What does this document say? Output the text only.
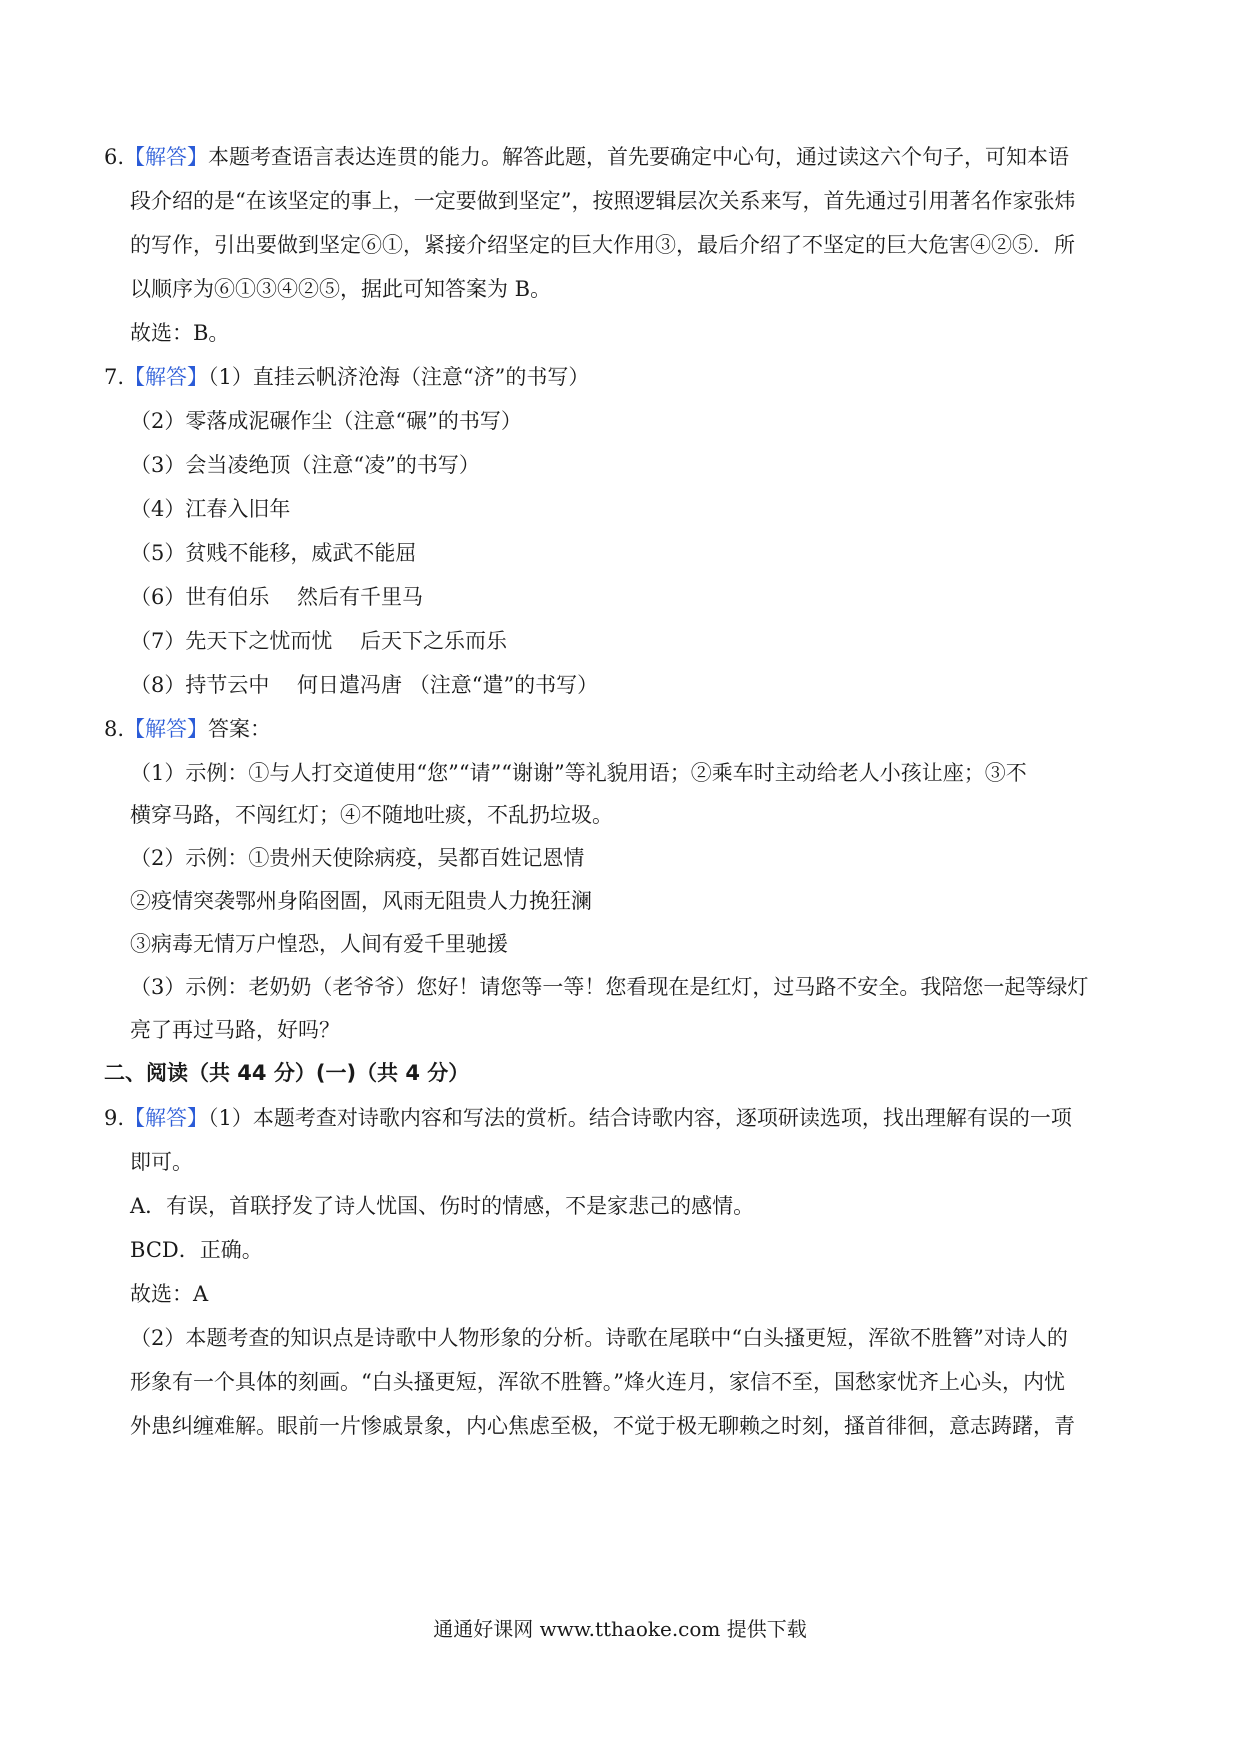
6.【解答】本题考查语言表达连贯的能力。解答此题，首先要确定中心句，通过读这六个句子，可知本语
段介绍的是“在该坚定的事上，一定要做到坚定”，按照逻辑层次关系来写，首先通过引用著名作家张炜
的写作，引出要做到坚定⑥①，紧接介绍坚定的巨大作用③，最后介绍了不坚定的巨大危害④②⑤．所
以顺序为⑥①③④②⑤，据此可知答案为 B。
故选：B。
7.【解答】（1）直挂云帆济沧海（注意“济”的书写）
（2）零落成泥碾作尘（注意“碾”的书写）
（3）会当凌绝顶（注意“凌”的书写）
（4）江春入旧年
（5）贫贱不能移，威武不能屈
（6）世有伯乐　 然后有千里马
（7）先天下之忧而忧　 后天下之乐而乐
（8）持节云中　 何日遣冯唐 （注意“遣”的书写）
8.【解答】答案：
（1）示例：①与人打交道使用“您”“请”“谢谢”等礼貌用语；②乘车时主动给老人小孩让座；③不
横穿马路，不闯红灯；④不随地吐痰，不乱扔垃圾。
（2）示例：①贵州天使除病疫，吴都百姓记恩情
②疫情突袭鄂州身陷囹圄，风雨无阻贵人力挽狂澜
③病毒无情万户惶恐，人间有爱千里驰援
（3）示例：老奶奶（老爷爷）您好！请您等一等！您看现在是红灯，过马路不安全。我陪您一起等绿灯
亮了再过马路，好吗？
二、阅读（共 44 分）(一)（共 4 分）
9.【解答】（1）本题考查对诗歌内容和写法的赏析。结合诗歌内容，逐项研读选项，找出理解有误的一项
即可。
A．有误，首联抒发了诗人忧国、伤时的情感，不是家悲己的感情。
BCD．正确。
故选：A
（2）本题考查的知识点是诗歌中人物形象的分析。诗歌在尾联中“白头搔更短，浑欲不胜簪”对诗人的
形象有一个具体的刻画。“白头搔更短，浑欲不胜簪。”烽火连月，家信不至，国愁家忧齐上心头，内忧
外患纠缠难解。眼前一片惨戚景象，内心焦虑至极，不觉于极无聊赖之时刻，搔首徘徊，意志踌躇，青
通通好课网 www.tthaoke.com 提供下载
